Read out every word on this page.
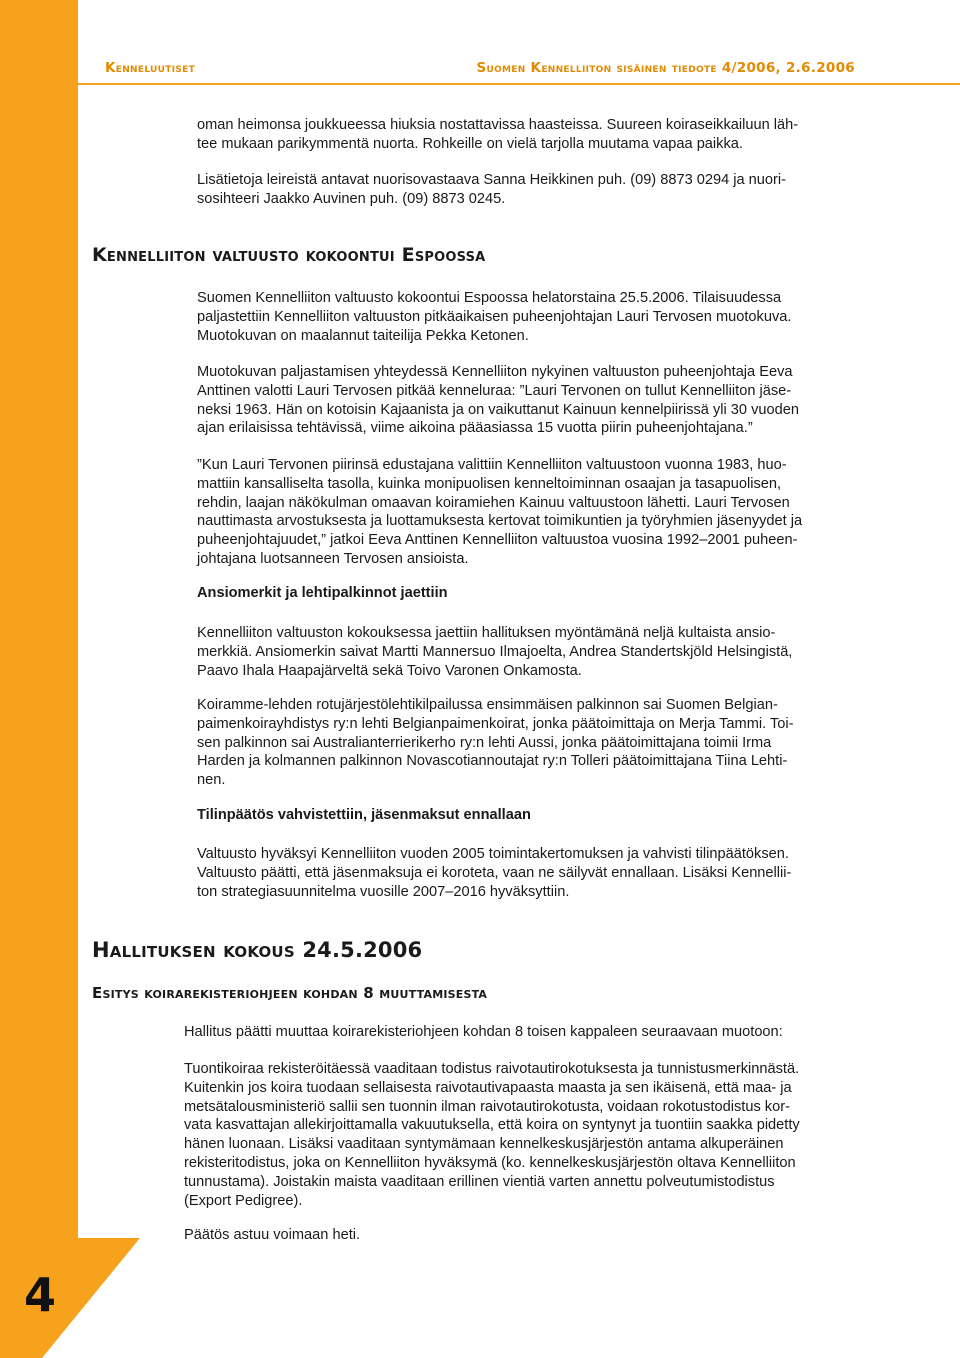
4
Kenneluutiset	Suomen Kennelliiton sisäinen tiedote 4/2006, 2.6.2006
oman heimonsa joukkueessa hiuksia nostattavissa haasteissa. Suureen koiraseikkailuun läh-
tee mukaan parikymmentä nuorta. Rohkeille on vielä tarjolla muutama vapaa paikka.
Lisätietoja leireistä antavat nuorisovastaava Sanna Heikkinen puh. (09) 8873 0294 ja nuori-
sosihteeri Jaakko Auvinen puh. (09) 8873 0245.
Kennelliiton valtuusto kokoontui Espoossa
Suomen Kennelliiton valtuusto kokoontui Espoossa helatorstaina 25.5.2006. Tilaisuudessa
paljastettiin Kennelliiton valtuuston pitkäaikaisen puheenjohtajan Lauri Tervosen muotokuva.
Muotokuvan on maalannut taiteilija Pekka Ketonen.
Muotokuvan paljastamisen yhteydessä Kennelliiton nykyinen valtuuston puheenjohtaja Eeva
Anttinen valotti Lauri Tervosen pitkää kenneluraa: ”Lauri Tervonen on tullut Kennelliiton jäse-
neksi 1963. Hän on kotoisin Kajaanista ja on vaikuttanut Kainuun kennelpiirissä yli 30 vuoden
ajan erilaisissa tehtävissä, viime aikoina pääasiassa 15 vuotta piirin puheenjohtajana.”
”Kun Lauri Tervonen piirinsä edustajana valittiin Kennelliiton valtuustoon vuonna 1983, huo-
mattiin kansalliselta tasolla, kuinka monipuolisen kenneltoiminnan osaajan ja tasapuolisen,
rehdin, laajan näkökulman omaavan koiramiehen Kainuu valtuustoon lähetti. Lauri Tervosen
nauttimasta arvostuksesta ja luottamuksesta kertovat toimikuntien ja työryhmien jäsenyydet ja
puheenjohtajuudet,” jatkoi Eeva Anttinen Kennelliiton valtuustoa vuosina 1992–2001 puheen-
johtajana luotsanneen Tervosen ansioista.
Ansiomerkit ja lehtipalkinnot jaettiin
Kennelliiton valtuuston kokouksessa jaettiin hallituksen myöntämänä neljä kultaista ansio-
merkkiä. Ansiomerkin saivat Martti Mannersuo Ilmajoelta, Andrea Standertskjöld Helsingistä,
Paavo Ihala Haapajärveltä sekä Toivo Varonen Onkamosta.
Koiramme-lehden rotujärjestölehtikilpailussa ensimmäisen palkinnon sai Suomen Belgian-
paimenkoirayhdistys ry:n lehti Belgianpaimenkoirat, jonka päätoimittaja on Merja Tammi. Toi-
sen palkinnon sai Australianterrierikerho ry:n lehti Aussi, jonka päätoimittajana toimii Irma
Harden ja kolmannen palkinnon Novascotiannoutajat ry:n Tolleri päätoimittajana Tiina Lehti-
nen.
Tilinpäätös vahvistettiin, jäsenmaksut ennallaan
Valtuusto hyväksyi Kennelliiton vuoden 2005 toimintakertomuksen ja vahvisti tilinpäätöksen.
Valtuusto päätti, että jäsenmaksuja ei koroteta, vaan ne säilyvät ennallaan. Lisäksi Kennellii-
ton strategiasuunnitelma vuosille 2007–2016 hyväksyttiin.
Hallituksen kokous 24.5.2006
Esitys koirarekisteriohjeen kohdan 8 muuttamisesta
Hallitus päätti muuttaa koirarekisteriohjeen kohdan 8 toisen kappaleen seuraavaan muotoon:
Tuontikoiraa rekisteröitäessä vaaditaan todistus raivotautirokotuksesta ja tunnistusmerkinnästä.
Kuitenkin jos koira tuodaan sellaisesta raivotautivapaasta maasta ja sen ikäisenä, että maa- ja
metsätalousministeriö sallii sen tuonnin ilman raivotautirokotusta, voidaan rokotustodistus kor-
vata kasvattajan allekirjoittamalla vakuutuksella, että koira on syntynyt ja tuontiin saakka pidetty
hänen luonaan. Lisäksi vaaditaan syntymämaan kennelkeskusjärjestön antama alkuperäinen
rekisteritodistus, joka on Kennelliiton hyväksymä (ko. kennelkeskusjärjestön oltava Kennelliiton
tunnustama). Joistakin maista vaaditaan erillinen vientiä varten annettu polveutumistodistus
(Export Pedigree).
Päätös astuu voimaan heti.
